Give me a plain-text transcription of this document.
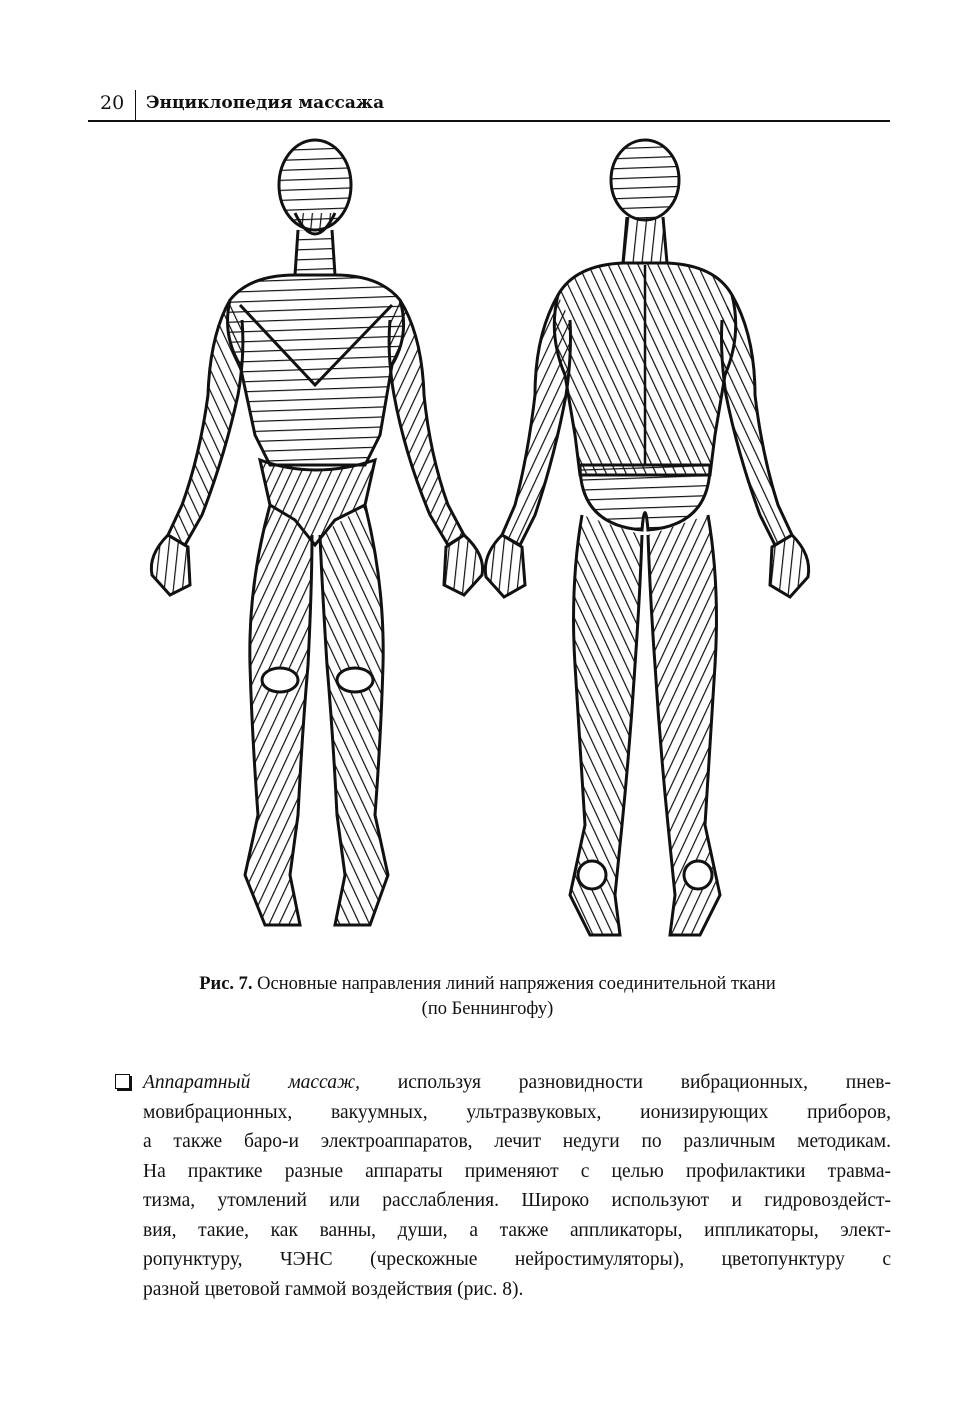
20 Энциклопедия массажа
Рис. 7. Основные направления линий напряжения соединительной ткани
(по Беннингофу)
Аппаратный массаж, используя разновидности вибрационных, пнев-
мовибрационных, вакуумных, ультразвуковых, ионизирующих приборов,
а также баро-и электроаппаратов, лечит недуги по различным методикам.
На практике разные аппараты применяют с целью профилактики травма-
тизма, утомлений или расслабления. Широко используют и гидровоздейст-
вия, такие, как ванны, души, а также аппликаторы, иппликаторы, элект-
ропунктуру, ЧЭНС (чрескожные нейростимуляторы), цветопунктуру с
разной цветовой гаммой воздействия (рис. 8).
